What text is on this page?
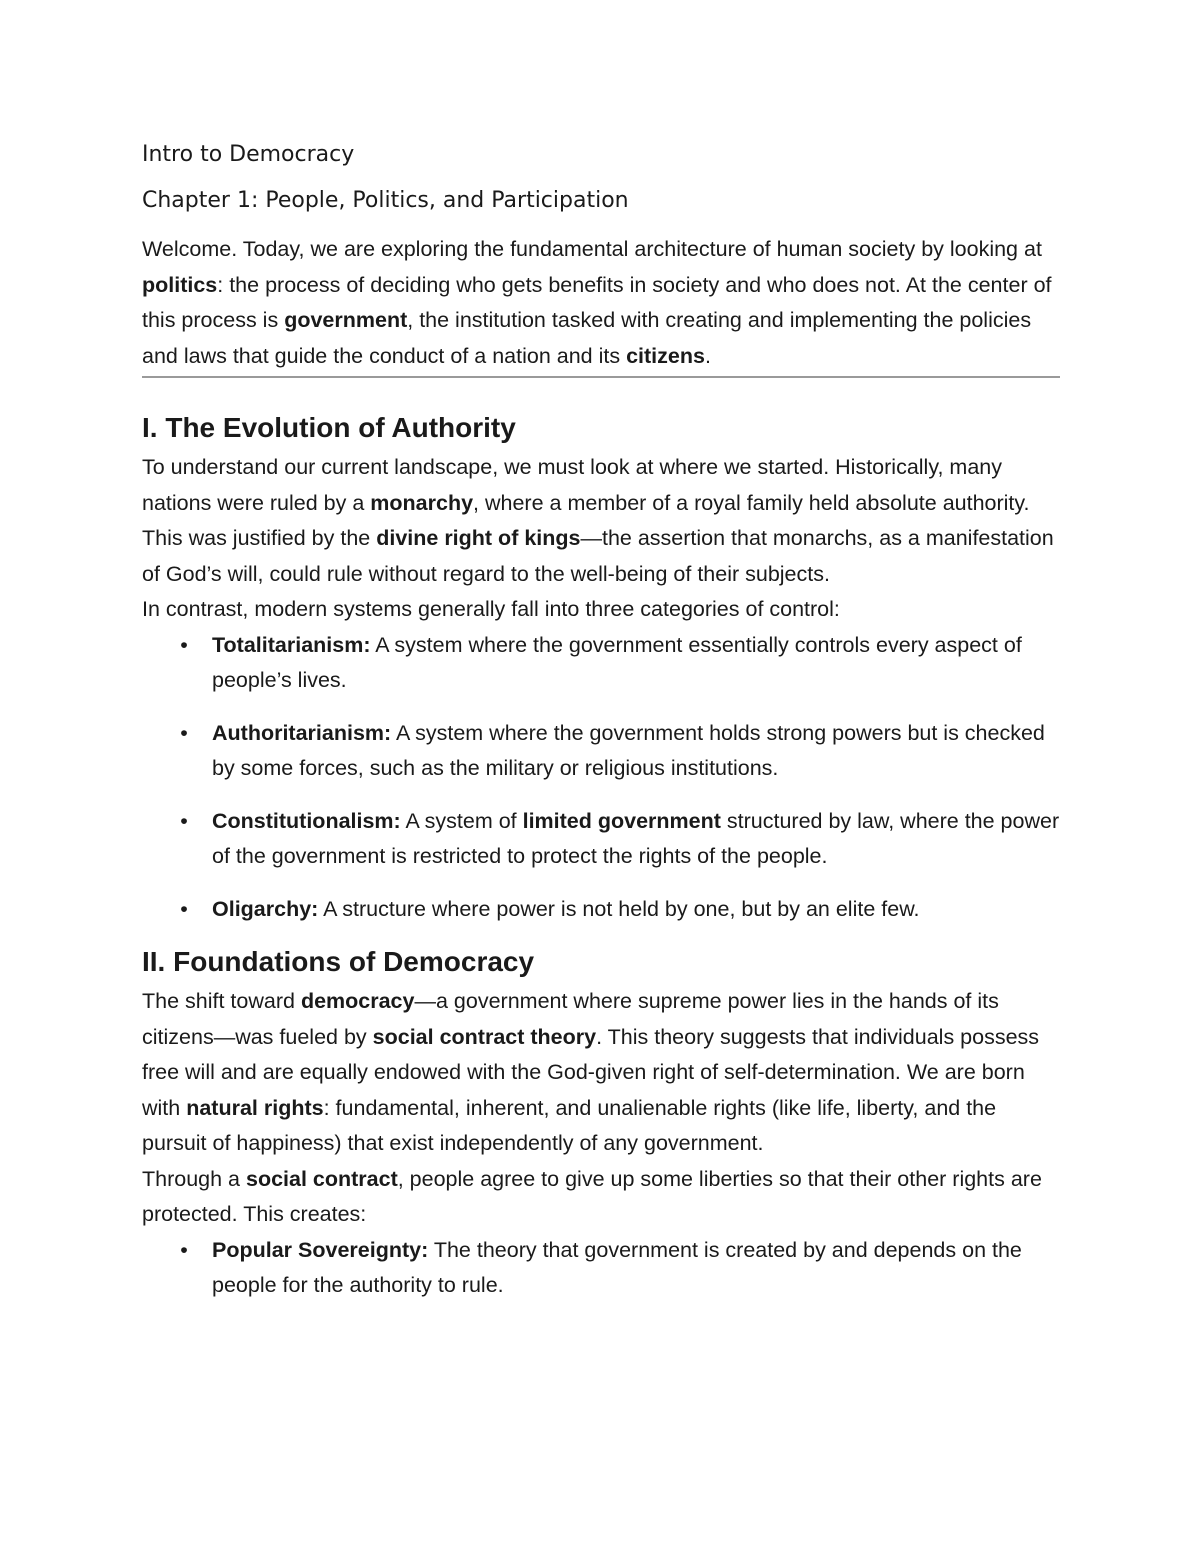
Intro to Democracy
Chapter 1: People, Politics, and Participation

Welcome. Today, we are exploring the fundamental architecture of human society by looking at politics: the process of deciding who gets benefits in society and who does not. At the center of this process is government, the institution tasked with creating and implementing the policies and laws that guide the conduct of a nation and its citizens.

I. The Evolution of Authority

To understand our current landscape, we must look at where we started. Historically, many nations were ruled by a monarchy, where a member of a royal family held absolute authority. This was justified by the divine right of kings—the assertion that monarchs, as a manifestation of God’s will, could rule without regard to the well-being of their subjects.

In contrast, modern systems generally fall into three categories of control:

• Totalitarianism: A system where the government essentially controls every aspect of people’s lives.
• Authoritarianism: A system where the government holds strong powers but is checked by some forces, such as the military or religious institutions.
• Constitutionalism: A system of limited government structured by law, where the power of the government is restricted to protect the rights of the people.
• Oligarchy: A structure where power is not held by one, but by an elite few.
II. Foundations of Democracy

The shift toward democracy—a government where supreme power lies in the hands of its citizens—was fueled by social contract theory. This theory suggests that individuals possess free will and are equally endowed with the God-given right of self-determination. We are born with natural rights: fundamental, inherent, and unalienable rights (like life, liberty, and the pursuit of happiness) that exist independently of any government.

Through a social contract, people agree to give up some liberties so that their other rights are protected. This creates:

• Popular Sovereignty: The theory that government is created by and depends on the people for the authority to rule.
